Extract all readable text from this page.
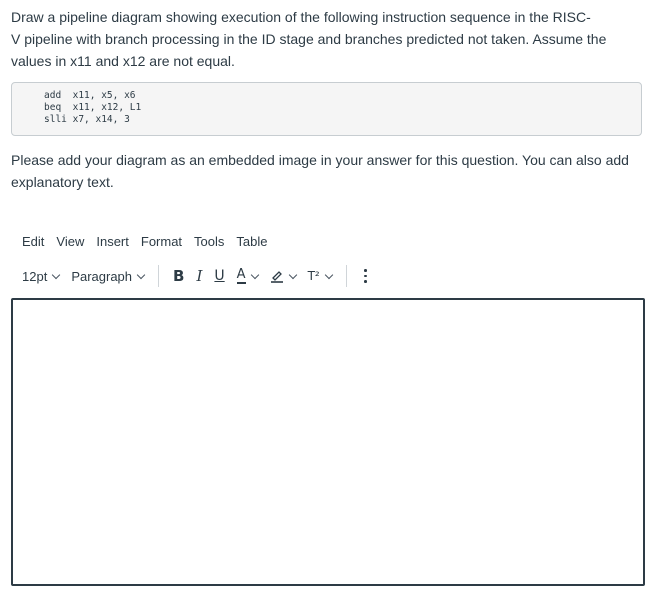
Draw a pipeline diagram showing execution of the following instruction sequence in the RISC-

V pipeline with branch processing in the ID stage and branches predicted not taken. Assume the

values in x11 and x12 are not equal.

add  x11, x5, x6
beq  x11, x12, L1
slli x7, x14, 3

Please add your diagram as an embedded image in your answer for this question. You can also add

explanatory text.

Edit View Insert Format Tools Table
12pt Paragraph	B I U A	T²
